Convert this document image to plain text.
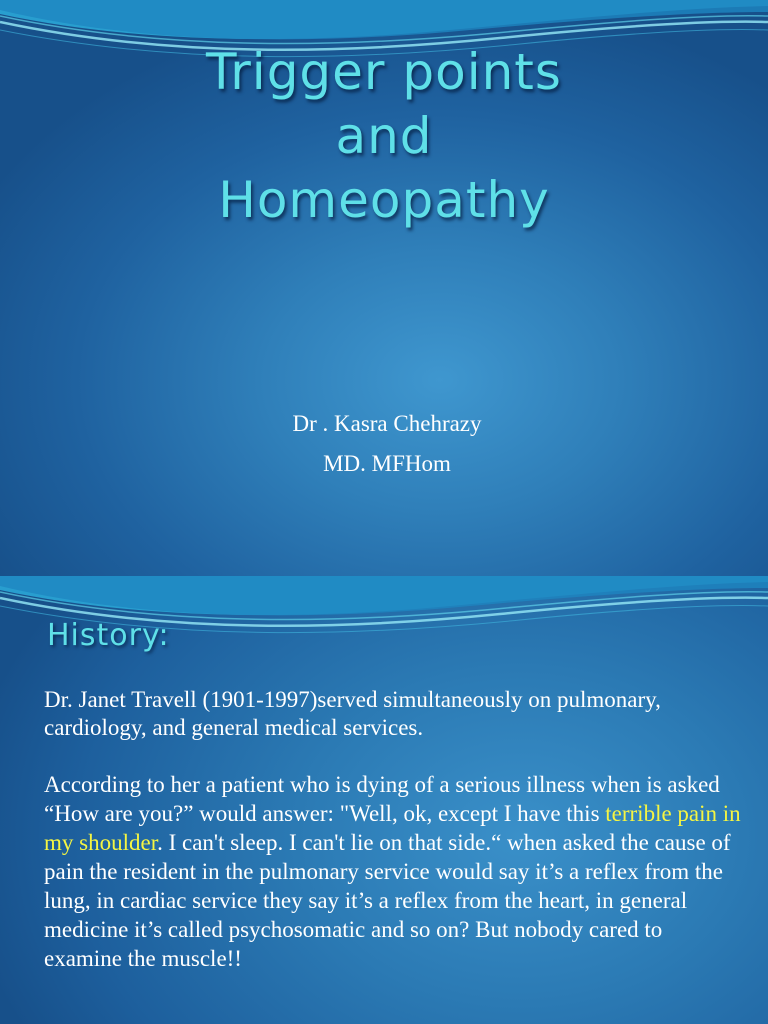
Trigger points
and
Homeopathy
Dr . Kasra Chehrazy
MD. MFHom
History:

Dr. Janet Travell (1901-1997)served simultaneously on pulmonary, cardiology, and general medical services.

According to her a patient who is dying of a serious illness when is asked “How are you?” would answer: "Well, ok, except I have this terrible pain in my shoulder. I can't sleep. I can't lie on that side.“ when asked the cause of pain the resident in the pulmonary service would say it’s a reflex from the lung, in cardiac service they say it’s a reflex from the heart, in general medicine it’s called psychosomatic and so on? But nobody cared to examine the muscle!!
